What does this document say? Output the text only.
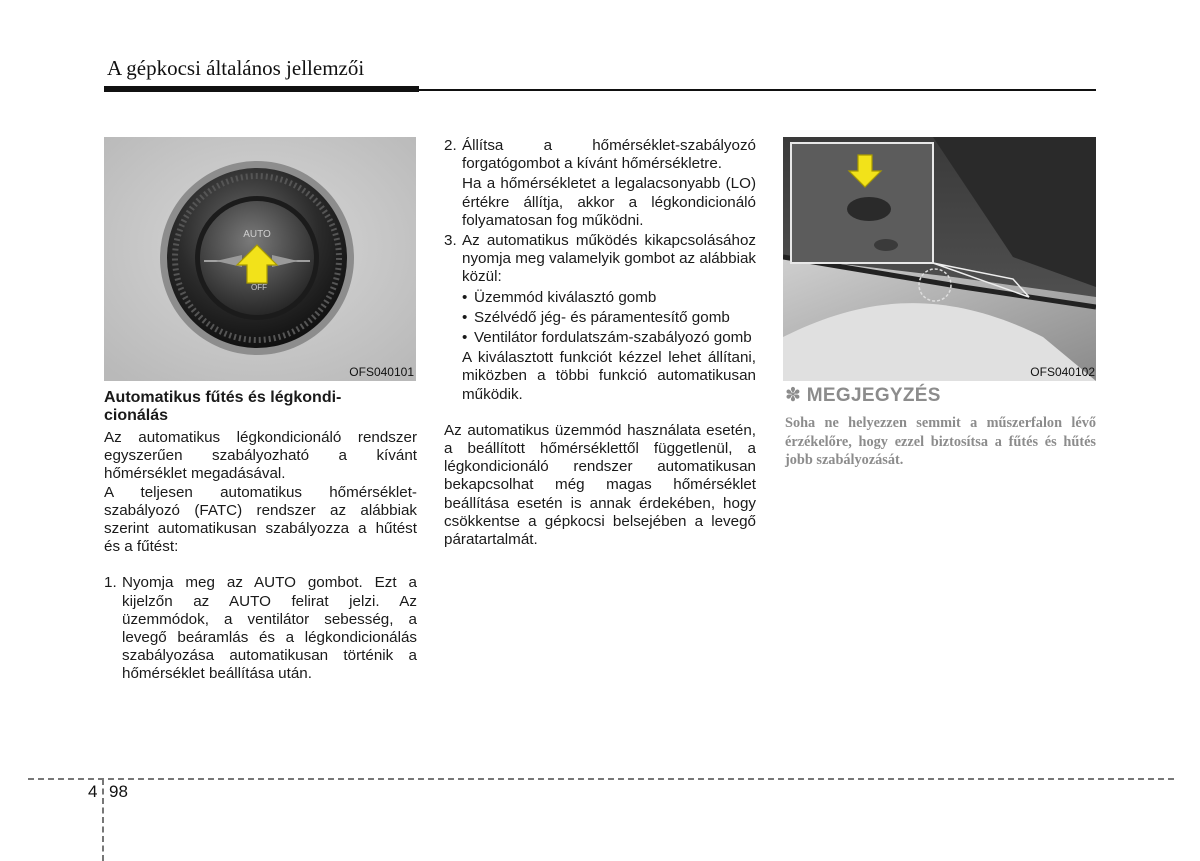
A gépkocsi általános jellemzői
AUTO
OFF
OFS040101	OFS040102

Automatikus fűtés és légkondi-

cionálás

Az automatikus légkondicionáló rendszer egyszerűen szabályozható a kívánt hőmérséklet megadásával.

A teljesen automatikus hőmérséklet-szabályozó (FATC) rendszer az alábbiak szerint automatikusan szabályozza a hűtést és a fűtést:

1. Nyomja meg az AUTO gombot. Ezt a kijelzőn az AUTO felirat jelzi. Az üzemmódok, a ventilátor sebesség, a levegő beáramlás és a légkondicionálás szabályozása automatikusan történik a hőmérséklet beállítása után.
2. Állítsa a hőmérséklet-szabályozó forgatógombot a kívánt hőmérsékletre.

Ha a hőmérsékletet a legalacsonyabb (LO) értékre állítja, akkor a légkondicionáló folyamatosan fog működni.

3. Az automatikus működés kikapcsolásához nyomja meg valamelyik gombot az alábbiak közül:
• Üzemmód kiválasztó gomb
• Szélvédő jég- és páramentesítő gomb
• Ventilátor fordulatszám-szabályozó gomb

A kiválasztott funkciót kézzel lehet állítani, miközben a többi funkció automatikusan működik.

Az automatikus üzemmód használata esetén, a beállított hőmérséklettől függetlenül, a légkondicionáló rendszer automatikusan bekapcsolhat még magas hőmérséklet beállítása esetén is annak érdekében, hogy csökkentse a gépkocsi belsejében a levegő páratartalmát.

✽ MEGJEGYZÉS
Soha ne helyezzen semmit a műszerfalon lévő érzékelőre, hogy ezzel biztosítsa a fűtés és hűtés jobb szabályozását.
4 98
